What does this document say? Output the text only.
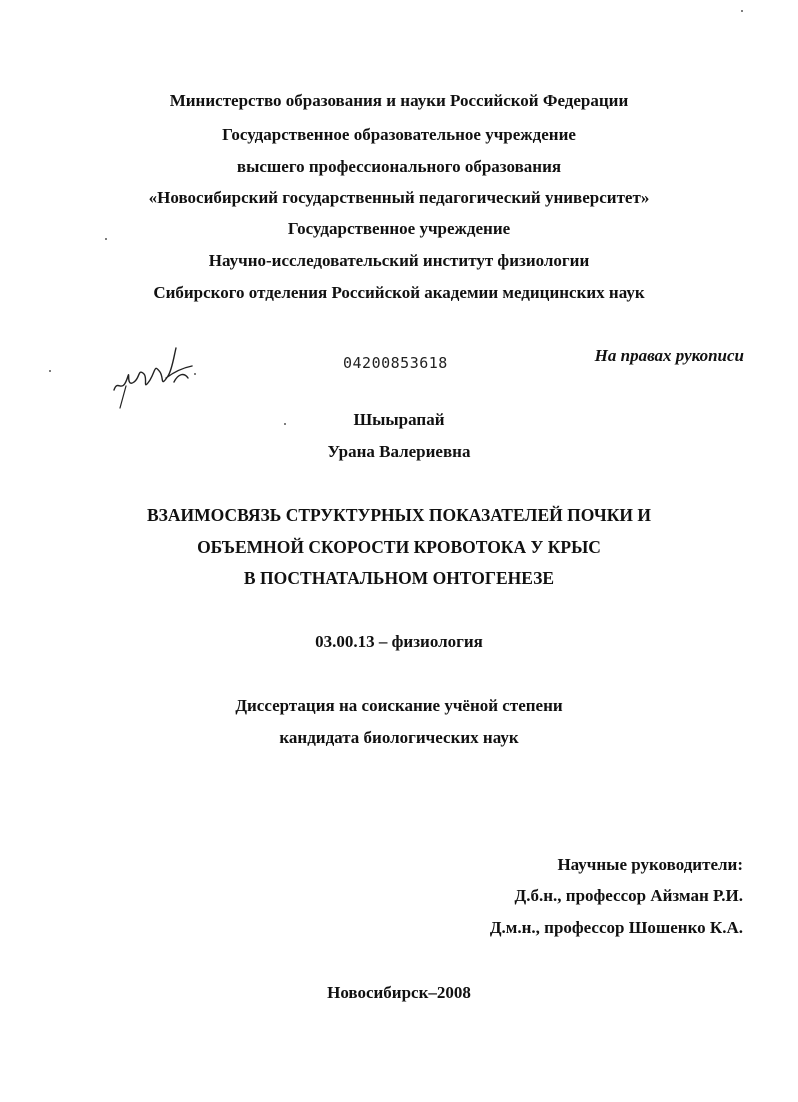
Министерство образования и науки Российской Федерации
Государственное образовательное учреждение
высшего профессионального образования
«Новосибирский государственный педагогический университет»
Государственное учреждение
Научно-исследовательский институт физиологии
Сибирского отделения Российской академии медицинских наук
04200853618	На правах рукописи
Шыырапай
Урана Валериевна
ВЗАИМОСВЯЗЬ СТРУКТУРНЫХ ПОКАЗАТЕЛЕЙ ПОЧКИ И
ОБЪЕМНОЙ СКОРОСТИ КРОВОТОКА У КРЫС
В ПОСТНАТАЛЬНОМ ОНТОГЕНЕЗЕ
03.00.13 – физиология
Диссертация на соискание учёной степени
кандидата биологических наук
Научные руководители:
Д.б.н., профессор Айзман Р.И.
Д.м.н., профессор Шошенко К.А.
Новосибирск–2008
